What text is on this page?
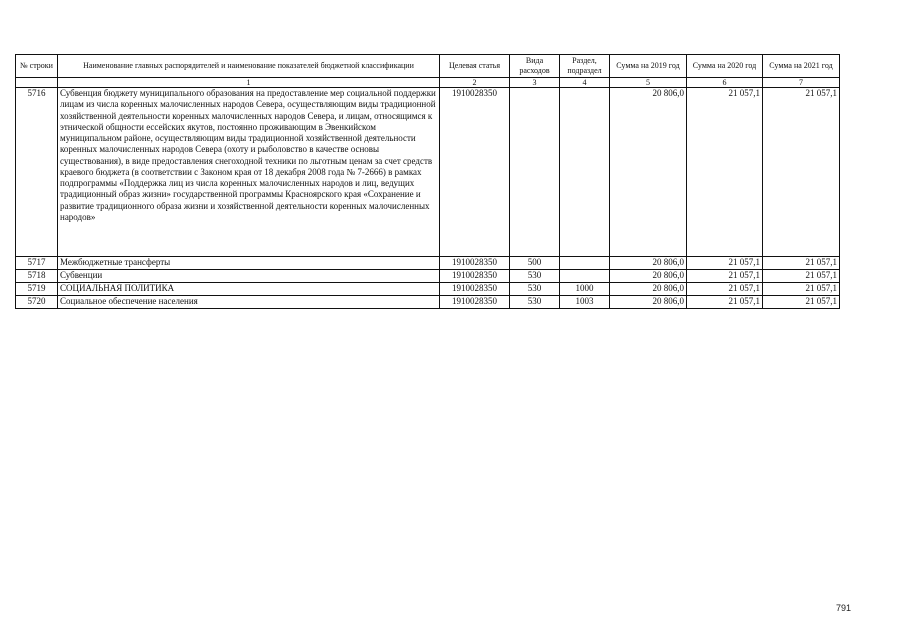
№ строки	Наименование главных распорядителей и наименование показателей бюджетной классификации	Целевая статья	Вида расходов	Раздел, подраздел	Сумма на 2019 год	Сумма на 2020 год	Сумма на 2021 год
	1	2	3	4	5	6	7
5716	Субвенция бюджету муниципального образования на предоставление мер социальной поддержки лицам из числа коренных малочисленных народов Севера, осуществляющим виды традиционной хозяйственной деятельности коренных малочисленных народов Севера, и лицам, относящимся к этнической общности ессейских якутов, постоянно проживающим в Эвенкийском муниципальном районе, осуществляющим виды традиционной хозяйственной деятельности коренных малочисленных народов Севера (охоту и рыболовство в качестве основы существования), в виде предоставления снегоходной техники по льготным ценам за счет средств краевого бюджета (в соответствии с Законом края от 18 декабря 2008 года № 7-2666) в рамках подпрограммы «Поддержка лиц из числа коренных малочисленных народов и лиц, ведущих традиционный образ жизни» государственной программы Красноярского края «Сохранение и развитие традиционного образа жизни и хозяйственной деятельности коренных малочисленных народов»	1910028350			20 806,0	21 057,1	21 057,1
5717	Межбюджетные трансферты	1910028350	500		20 806,0	21 057,1	21 057,1
5718	Субвенции	1910028350	530		20 806,0	21 057,1	21 057,1
5719	СОЦИАЛЬНАЯ ПОЛИТИКА	1910028350	530	1000	20 806,0	21 057,1	21 057,1
5720	Социальное обеспечение населения	1910028350	530	1003	20 806,0	21 057,1	21 057,1
791
